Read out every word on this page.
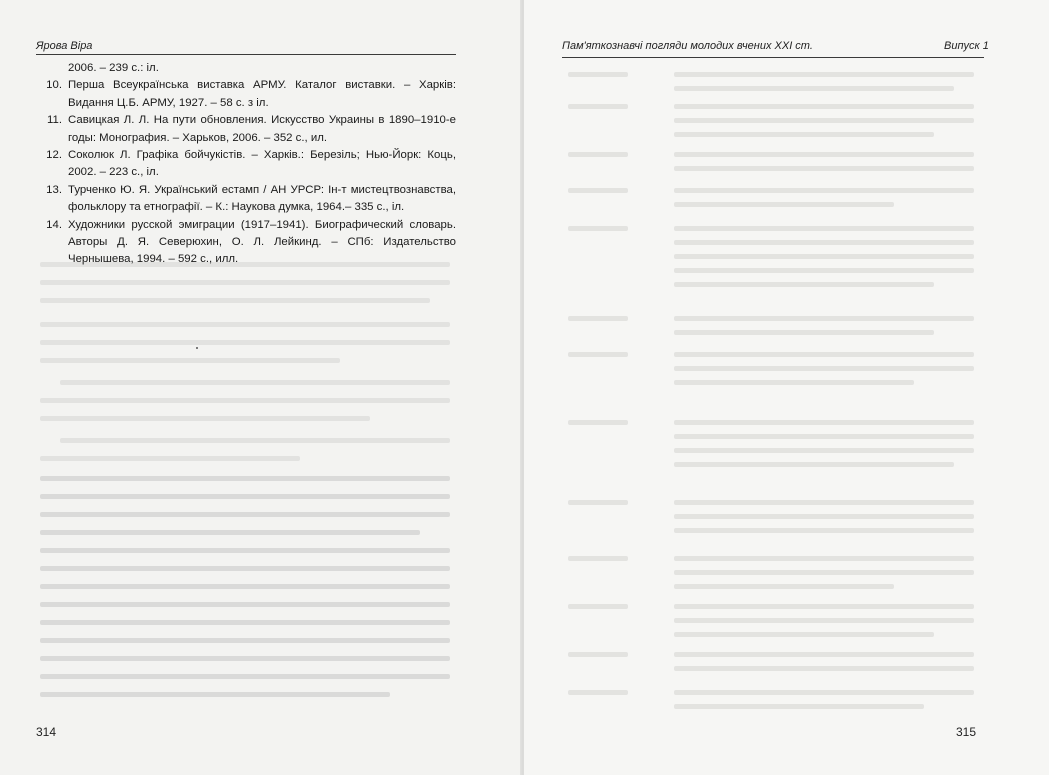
Ярова Віра
2006. – 239 с.: іл.
10. Перша Всеукраїнська виставка АРМУ. Каталог виставки. – Харків: Видання Ц.Б. АРМУ, 1927. – 58 с. з іл.
11. Савицкая Л. Л. На пути обновления. Искусство Украины в 1890–1910-е годы: Монография. – Харьков, 2006. – 352 с., ил.
12. Соколюк Л. Графіка бойчукістів. – Харків.: Березіль; Нью-Йорк: Коць, 2002. – 223 с., іл.
13. Турченко Ю. Я. Український естамп / АН УРСР: Ін-т мистецтвознавства, фольклору та етнографії. – К.: Наукова думка, 1964.– 335 с., іл.
14. Художники русской эмиграции (1917–1941). Биографический словарь. Авторы Д. Я. Северюхин, О. Л. Лейкинд. – СПб: Издательство Чернышева, 1994. – 592 с., илл.
314
Пам'яткознавчі погляди молодих вчених XXI ст.	Випуск 1
315
